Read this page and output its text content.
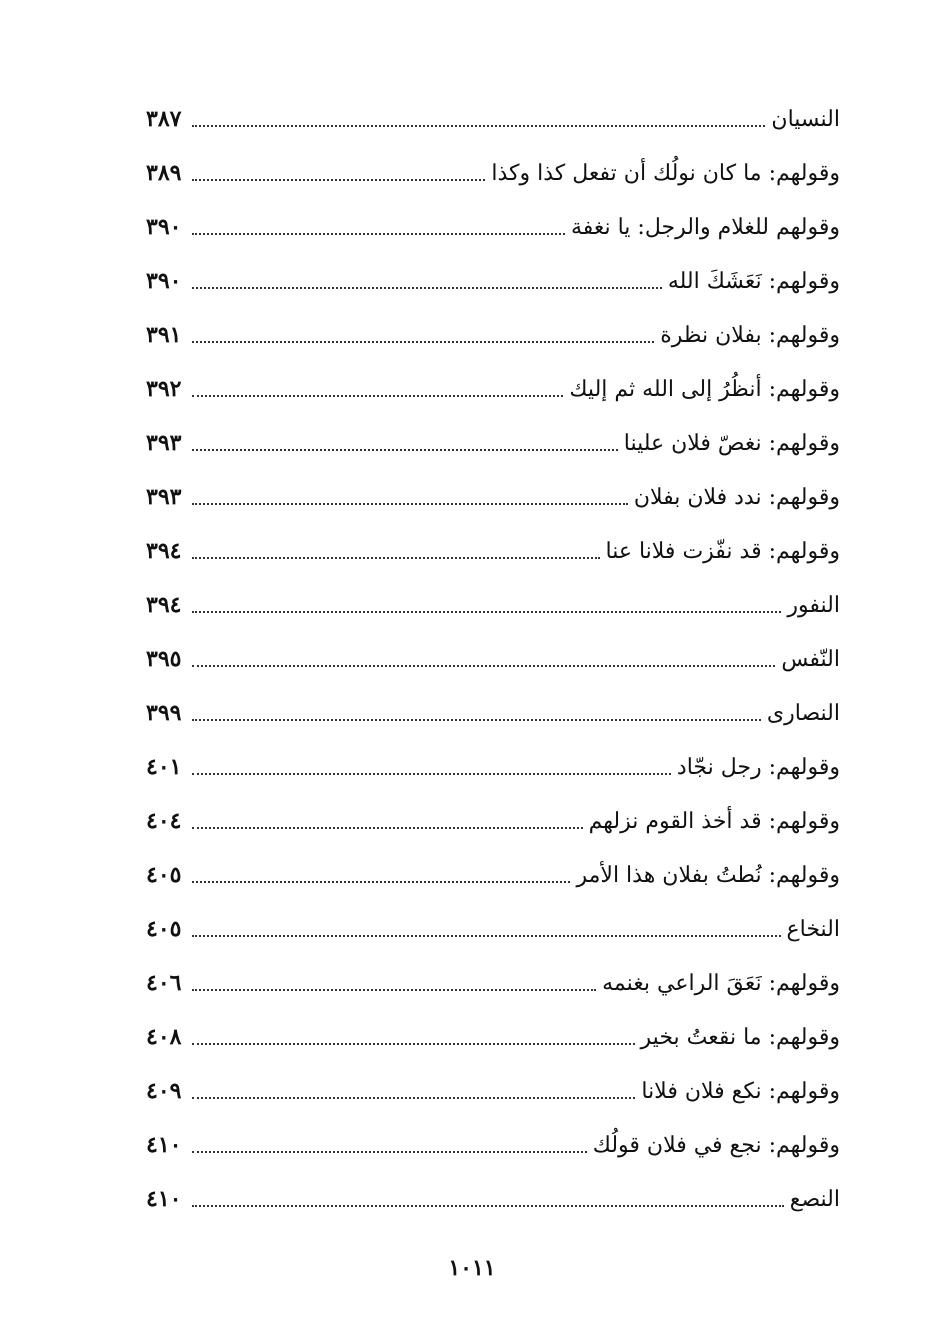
النسيان
٣٨٧
وقولهم: ما كان نولُك أن تفعل كذا وكذا
٣٨٩
وقولهم للغلام والرجل: يا نغفة
٣٩٠
وقولهم: نَعَشَكَ الله
٣٩٠
وقولهم: بفلان نظرة
٣٩١
وقولهم: أنظُرُ إلى الله ثم إليك
٣٩٢
وقولهم: نغصّ فلان علينا
٣٩٣
وقولهم: ندد فلان بفلان
٣٩٣
وقولهم: قد نفّزت فلانا عنا
٣٩٤
النفور
٣٩٤
النّفس
٣٩٥
النصارى
٣٩٩
وقولهم: رجل نجّاد
٤٠١
وقولهم: قد أخذ القوم نزلهم
٤٠٤
وقولهم: نُطتُ بفلان هذا الأمر
٤٠٥
النخاع
٤٠٥
وقولهم: نَعَقَ الراعي بغنمه
٤٠٦
وقولهم: ما نقعتُ بخير
٤٠٨
وقولهم: نكع فلان فلانا
٤٠٩
وقولهم: نجع في فلان قولُك
٤١٠
النصع
٤١٠
١٠١١
